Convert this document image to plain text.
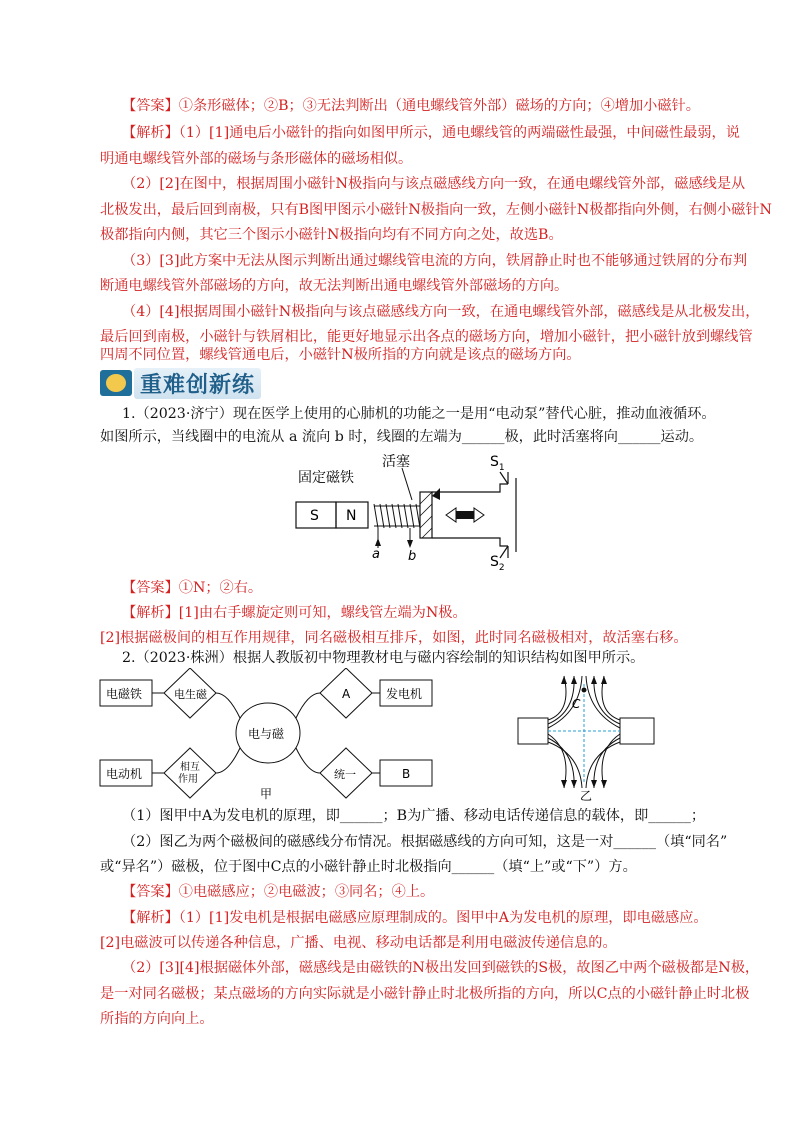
【答案】①条形磁体；②B；③无法判断出（通电螺线管外部）磁场的方向；④增加小磁针。
【解析】（1）[1]通电后小磁针的指向如图甲所示，通电螺线管的两端磁性最强，中间磁性最弱，说
明通电螺线管外部的磁场与条形磁体的磁场相似。
（2）[2]在图中，根据周围小磁针N极指向与该点磁感线方向一致，在通电螺线管外部，磁感线是从
北极发出，最后回到南极，只有B图甲图示小磁针N极指向一致，左侧小磁针N极都指向外侧，右侧小磁针N
极都指向内侧，其它三个图示小磁针N极指向均有不同方向之处，故选B。
（3）[3]此方案中无法从图示判断出通过螺线管电流的方向，铁屑静止时也不能够通过铁屑的分布判
断通电螺线管外部磁场的方向，故无法判断出通电螺线管外部磁场的方向。
（4）[4]根据周围小磁针N极指向与该点磁感线方向一致，在通电螺线管外部，磁感线是从北极发出，
最后回到南极，小磁针与铁屑相比，能更好地显示出各点的磁场方向，增加小磁针，把小磁针放到螺线管
四周不同位置，螺线管通电后，小磁针N极所指的方向就是该点的磁场方向。
重难创新练
1.（2023·济宁）现在医学上使用的心肺机的功能之一是用“电动泵”替代心脏，推动血液循环。
如图所示，当线圈中的电流从 a 流向 b 时，线圈的左端为______极，此时活塞将向______运动。
固定磁铁
活塞
S N
$S_1$
$S_2$
a b
【答案】①N；②右。
【解析】[1]由右手螺旋定则可知，螺线管左端为N极。
[2]根据磁极间的相互作用规律，同名磁极相互排斥，如图，此时同名磁极相对，故活塞右移。
2.（2023·株洲）根据人教版初中物理教材电与磁内容绘制的知识结构如图甲所示。
电磁铁	电生磁
电与磁
A	发电机
电动机	相互
作用	统一	B
甲
C
乙
（1）图甲中A为发电机的原理，即______；B为广播、移动电话传递信息的载体，即______；
（2）图乙为两个磁极间的磁感线分布情况。根据磁感线的方向可知，这是一对______（填“同名”
或“异名”）磁极，位于图中C点的小磁针静止时北极指向______（填“上”或“下”）方。
【答案】①电磁感应；②电磁波；③同名；④上。
【解析】（1）[1]发电机是根据电磁感应原理制成的。图甲中A为发电机的原理，即电磁感应。
[2]电磁波可以传递各种信息，广播、电视、移动电话都是利用电磁波传递信息的。
（2）[3][4]根据磁体外部，磁感线是由磁铁的N极出发回到磁铁的S极，故图乙中两个磁极都是N极，
是一对同名磁极；某点磁场的方向实际就是小磁针静止时北极所指的方向，所以C点的小磁针静止时北极
所指的方向向上。
